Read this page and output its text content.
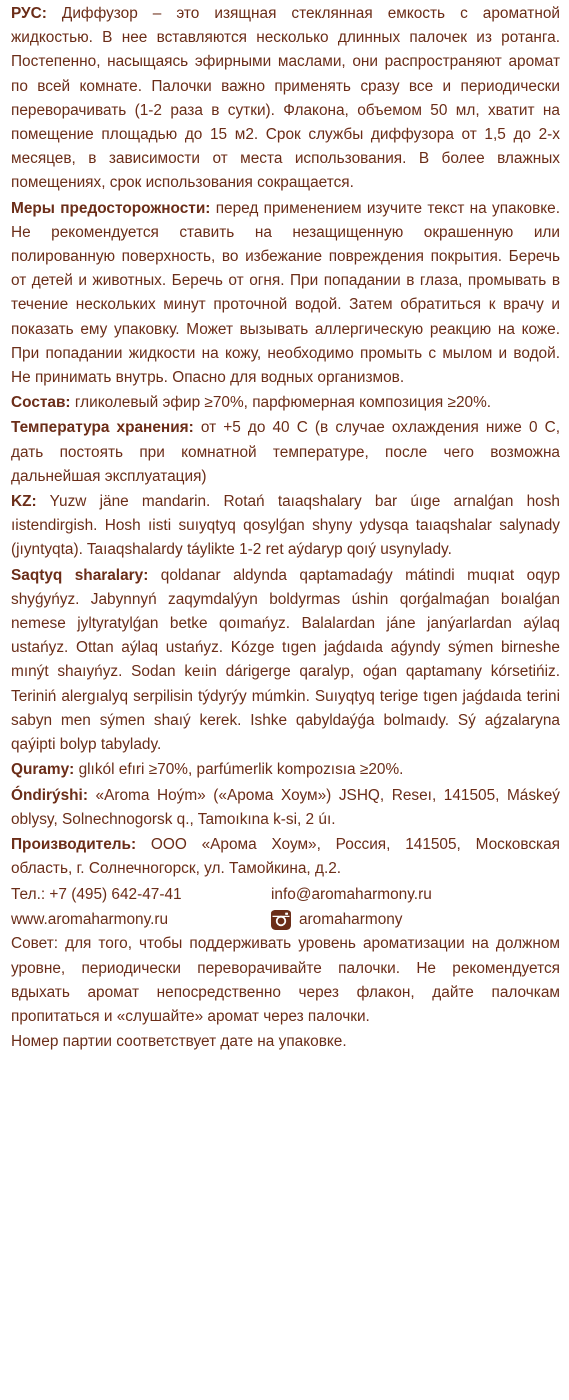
РУС: Диффузор – это изящная стеклянная емкость с ароматной жидкостью. В нее вставляются несколько длинных палочек из ротанга. Постепенно, насыщаясь эфирными маслами, они распространяют аромат по всей комнате. Палочки важно применять сразу все и периодически переворачивать (1-2 раза в сутки). Флакона, объемом 50 мл, хватит на помещение площадью до 15 м2. Срок службы диффузора от 1,5 до 2-х месяцев, в зависимости от места использования. В более влажных помещениях, срок использования сокращается.

Меры предосторожности: перед применением изучите текст на упаковке. Не рекомендуется ставить на незащищенную окрашенную или полированную поверхность, во избежание повреждения покрытия. Беречь от детей и животных. Беречь от огня. При попадании в глаза, промывать в течение нескольких минут проточной водой. Затем обратиться к врачу и показать ему упаковку. Может вызывать аллергическую реакцию на коже. При попадании жидкости на кожу, необходимо промыть с мылом и водой. Не принимать внутрь. Опасно для водных организмов.

Состав: гликолевый эфир ≥70%, парфюмерная композиция ≥20%.

Температура хранения: от +5 до 40 С (в случае охлаждения ниже 0 С, дать постоять при комнатной температуре, после чего возможна дальнейшая эксплуатация)

KZ: Yuzw jäne mandarin. Rotań taıaqshalary bar úıge arnalǵan hosh ıistendirgish. Hosh ıisti suıyqtyq qosylǵan shyny ydysqa taıaqshalar salynady (jıyntyqta). Taıaqshalardy táylikte 1-2 ret aýdaryp qoıý usynylady.

Saqtyq sharalary: qoldanar aldynda qaptamadaǵy mátindi muqıat oqyp shyǵyńyz. Jabynnyń zaqymdalýyn boldyrmas úshin qorǵalmaǵan boıalǵan nemese jyltyratylǵan betke qoımańyz. Balalardan jáne janýarlardan aýlaq ustańyz. Ottan aýlaq ustańyz. Kózge tıgen jaǵdaıda aǵyndy sýmen birneshe mınýt shaıyńyz. Sodan keıin dárigerge qaralyp, oǵan qaptamany kórsetińiz. Teriniń alergıalyq serpilisin týdyrýy múmkin. Suıyqtyq terige tıgen jaǵdaıda terini sabyn men sýmen shaıý kerek. Ishke qabyldaýǵa bolmaıdy. Sý aǵzalaryna qaýipti bolyp tabylady.

Quramy: glıkól efıri ≥70%, parfúmerlik kompozısıa ≥20%.

Óndirýshi: «Aroma Hoým» («Арома Хоум») JSHQ, Reseı, 141505, Máskeý oblysy, Solnechnogorsk q., Tamoıkına k-si, 2 úı.

Производитель: ООО «Арома Хоум», Россия, 141505, Московская область, г. Солнечногорск, ул. Тамойкина, д.2.

Тел.: +7 (495) 642-47-41	info@aromaharmony.ru
www.aromaharmony.ru	aromaharmony

Совет: для того, чтобы поддерживать уровень ароматизации на должном уровне, периодически переворачивайте палочки. Не рекомендуется вдыхать аромат непосредственно через флакон, дайте палочкам пропитаться и «слушайте» аромат через палочки.

Номер партии соответствует дате на упаковке.
